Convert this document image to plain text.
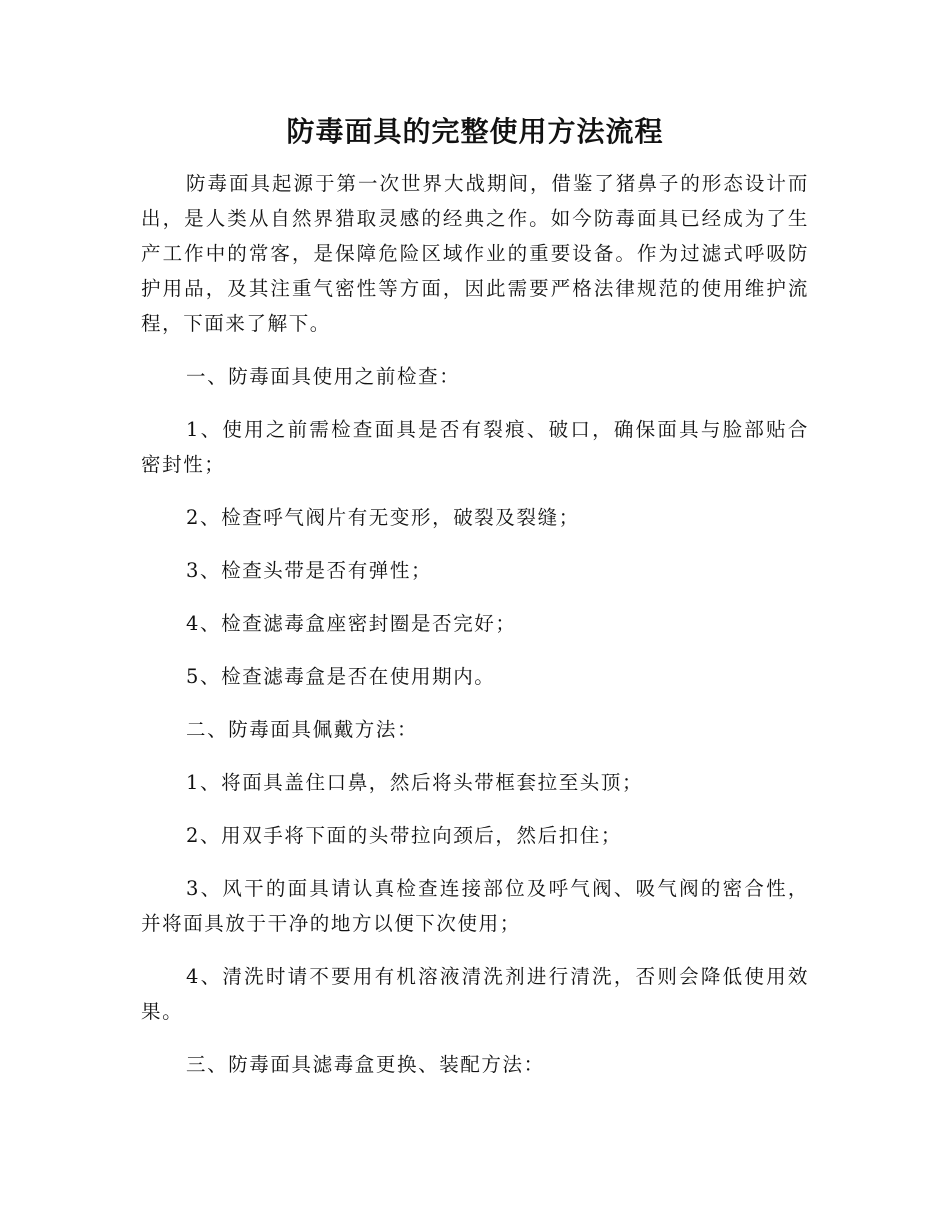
防毒面具的完整使用方法流程

防毒面具起源于第一次世界大战期间，借鉴了猪鼻子的形态设计而出，是人类从自然界猎取灵感的经典之作。如今防毒面具已经成为了生产工作中的常客，是保障危险区域作业的重要设备。作为过滤式呼吸防护用品，及其注重气密性等方面，因此需要严格法律规范的使用维护流程，下面来了解下。

一、防毒面具使用之前检查：

1、使用之前需检查面具是否有裂痕、破口，确保面具与脸部贴合密封性；

2、检查呼气阀片有无变形，破裂及裂缝；

3、检查头带是否有弹性；

4、检查滤毒盒座密封圈是否完好；

5、检查滤毒盒是否在使用期内。

二、防毒面具佩戴方法：

1、将面具盖住口鼻，然后将头带框套拉至头顶；

2、用双手将下面的头带拉向颈后，然后扣住；

3、风干的面具请认真检查连接部位及呼气阀、吸气阀的密合性，并将面具放于干净的地方以便下次使用；

4、清洗时请不要用有机溶液清洗剂进行清洗，否则会降低使用效果。

三、防毒面具滤毒盒更换、装配方法：
